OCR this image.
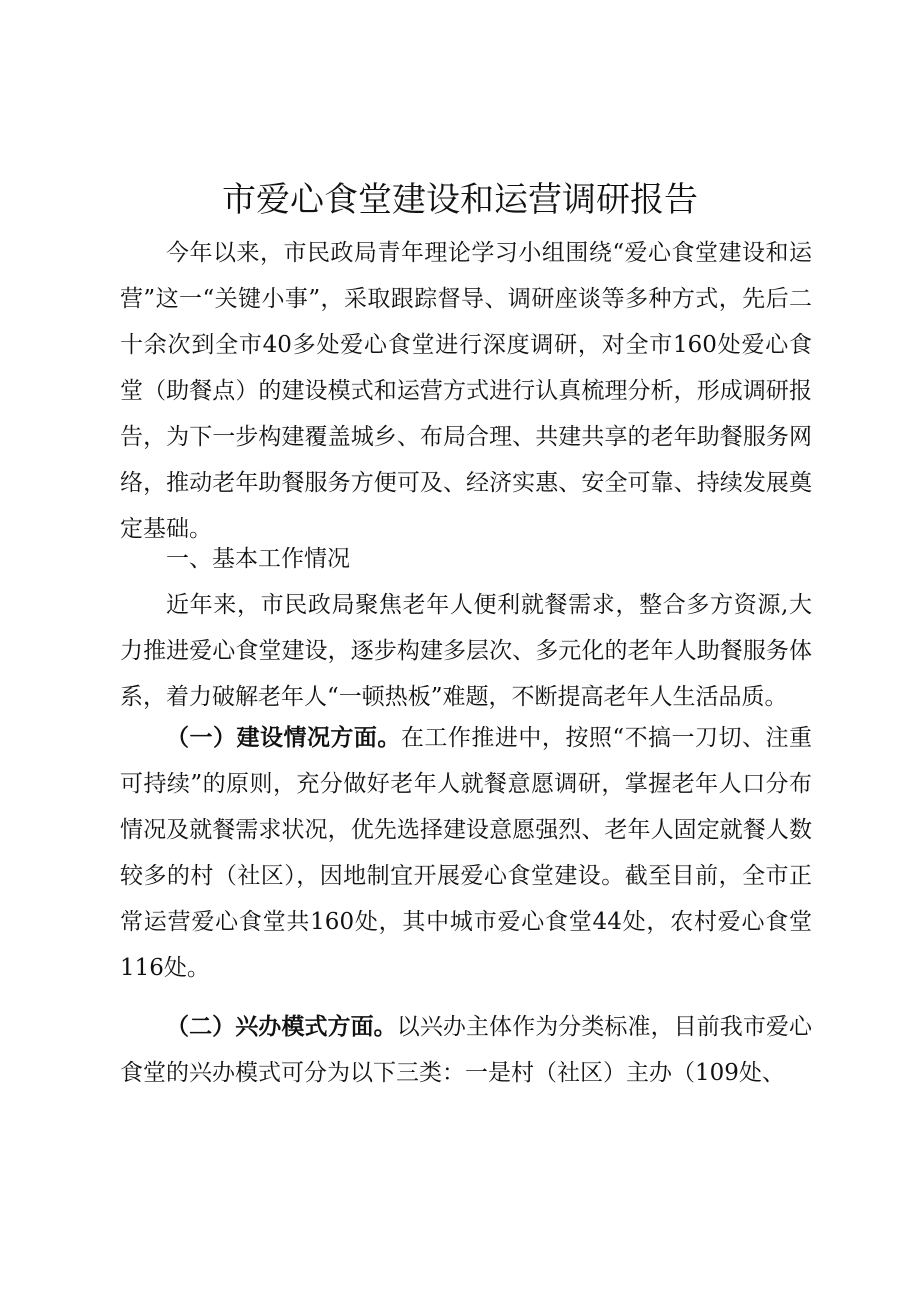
市爱心食堂建设和运营调研报告

今年以来，市民政局青年理论学习小组围绕“爱心食堂建设和运营”这一“关键小事”，采取跟踪督导、调研座谈等多种方式，先后二十余次到全市40多处爱心食堂进行深度调研，对全市160处爱心食堂（助餐点）的建设模式和运营方式进行认真梳理分析，形成调研报告，为下一步构建覆盖城乡、布局合理、共建共享的老年助餐服务网络，推动老年助餐服务方便可及、经济实惠、安全可靠、持续发展奠定基础。

一、基本工作情况

近年来，市民政局聚焦老年人便利就餐需求，整合多方资源,大力推进爱心食堂建设，逐步构建多层次、多元化的老年人助餐服务体系，着力破解老年人“一顿热板”难题，不断提高老年人生活品质。

（一）建设情况方面。在工作推进中，按照“不搞一刀切、注重可持续”的原则，充分做好老年人就餐意愿调研，掌握老年人口分布情况及就餐需求状况，优先选择建设意愿强烈、老年人固定就餐人数较多的村（社区），因地制宜开展爱心食堂建设。截至目前，全市正常运营爱心食堂共160处，其中城市爱心食堂44处，农村爱心食堂116处。

（二）兴办模式方面。以兴办主体作为分类标准，目前我市爱心食堂的兴办模式可分为以下三类：一是村（社区）主办（109处、
